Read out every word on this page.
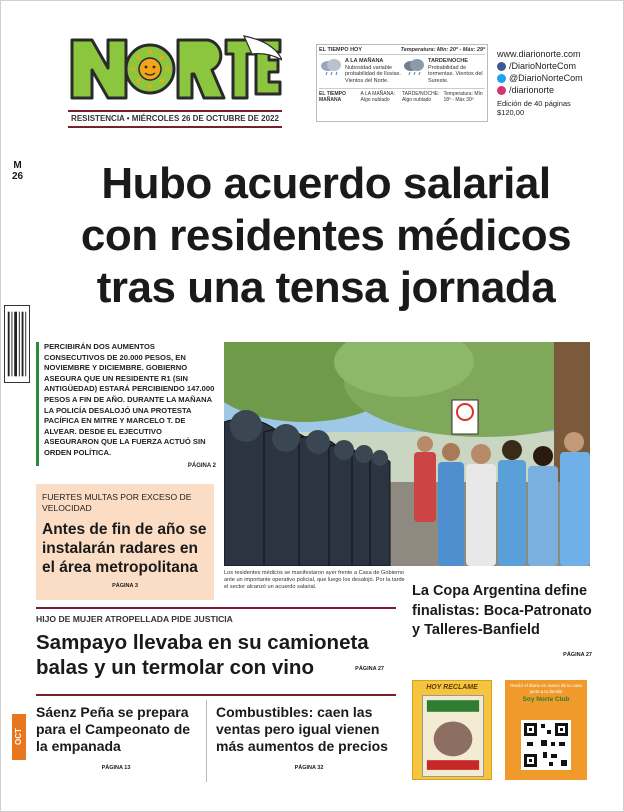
RESISTENCIA • MIÉRCOLES 26 DE OCTUBRE DE 2022
EL TIEMPO HOY	Temperatura: Mín: 20º - Máx: 29º

A LA MAÑANA
Nubosidad variable probabilidad de lluvias. Vientos del Norte.

TARDE/NOCHE
Probabilidad de tormentas. Vientos del Sureste.

EL TIEMPO MAÑANA
A LA MAÑANA: Algo nublado
TARDE/NOCHE: Algo nublado
Temperatura: Mín 18º - Máx 30º
www.diarionorte.com
/DiarioNorteCom
@DiarioNorteCom
/diarionorte
Edición de 40 páginas
$120,00
M
26
OCT
Hubo acuerdo salarial
con residentes médicos
tras una tensa jornada
PERCIBIRÁN DOS AUMENTOS CONSECUTIVOS DE 20.000 PESOS, EN NOVIEMBRE Y DICIEMBRE. GOBIERNO ASEGURA QUE UN RESIDENTE R1 (SIN ANTIGÜEDAD) ESTARÁ PERCIBIENDO 147.000 PESOS A FIN DE AÑO. DURANTE LA MAÑANA LA POLICÍA DESALOJÓ UNA PROTESTA PACÍFICA EN MITRE Y MARCELO T. DE ALVEAR. DESDE EL EJECUTIVO ASEGURARON QUE LA FUERZA ACTUÓ SIN ORDEN POLÍTICA.
PÁGINA 2
Los residentes médicos se manifestaron ayer frente a Casa de Gobierno ante un importante operativo policial, que luego los desalojó. Por la tarde el sector alcanzó un acuerdo salarial.
FUERTES MULTAS POR EXCESO DE VELOCIDAD
Antes de fin de año se instalarán radares en el área metropolitana
PÁGINA 3
HIJO DE MUJER ATROPELLADA PIDE JUSTICIA
Sampayo llevaba en su camioneta balas y un termolar con vino	PÁGINA 27
La Copa Argentina define finalistas: Boca-Patronato y Talleres-Banfield
PÁGINA 27
Sáenz Peña se prepara para el Campeonato de la empanada
PÁGINA 13
Combustibles: caen las ventas pero igual vienen más aumentos de precios
PÁGINA 32
HOY RECLAME	Recibí el diario en nuevo de tu casa junto a tu familia
Soy Norte Club
